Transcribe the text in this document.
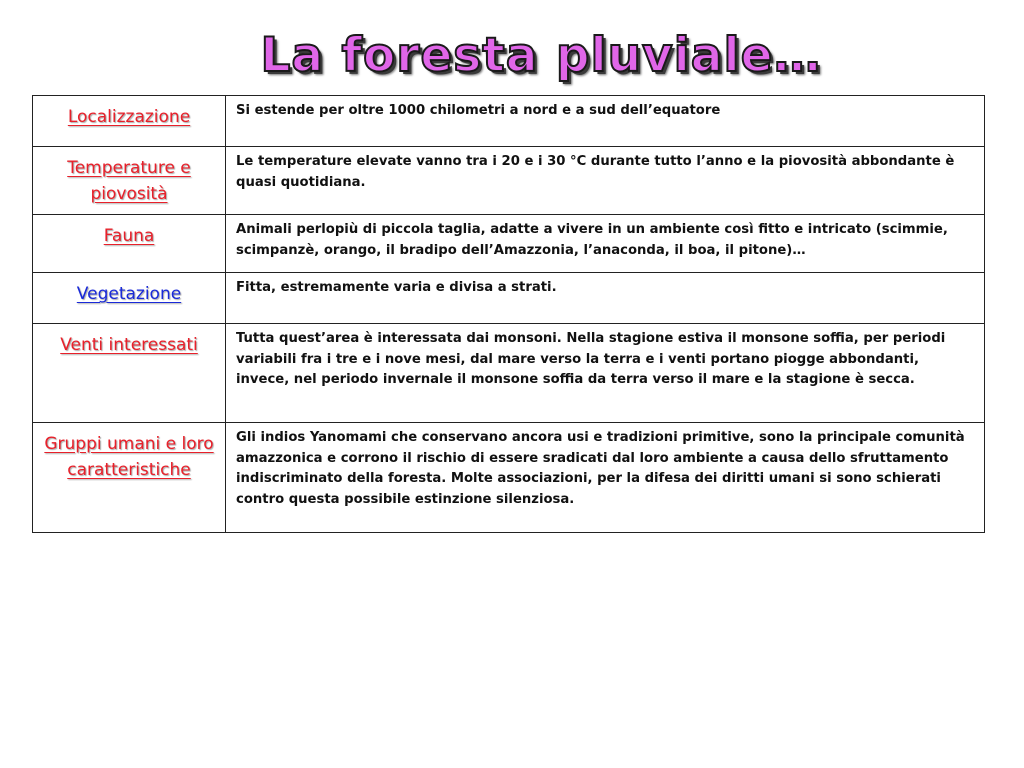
La foresta pluviale…
Localizzazione	Si estende per oltre 1000 chilometri a nord e a sud dell’equatore
Temperature e piovosità	Le temperature elevate vanno tra i 20 e i 30 °C durante tutto l’anno e la piovosità abbondante è quasi quotidiana.
Fauna	Animali perlopiù di piccola taglia, adatte a vivere in un ambiente così fitto e intricato (scimmie, scimpanzè, orango, il bradipo dell’Amazzonia, l’anaconda, il boa, il pitone)…
Vegetazione	Fitta, estremamente varia e divisa a strati.
Venti interessati	Tutta quest’area è interessata dai monsoni. Nella stagione estiva il monsone soffia, per periodi variabili fra i tre e i nove mesi, dal mare verso la terra e i venti portano piogge abbondanti, invece, nel periodo invernale il monsone soffia da terra verso il mare e la stagione è secca.
Gruppi umani e loro caratteristiche	Gli indios Yanomami che conservano ancora usi e tradizioni primitive, sono la principale comunità amazzonica e corrono il rischio di essere sradicati dal loro ambiente a causa dello sfruttamento indiscriminato della foresta. Molte associazioni, per la difesa dei diritti umani si sono schierati contro questa possibile estinzione silenziosa.
